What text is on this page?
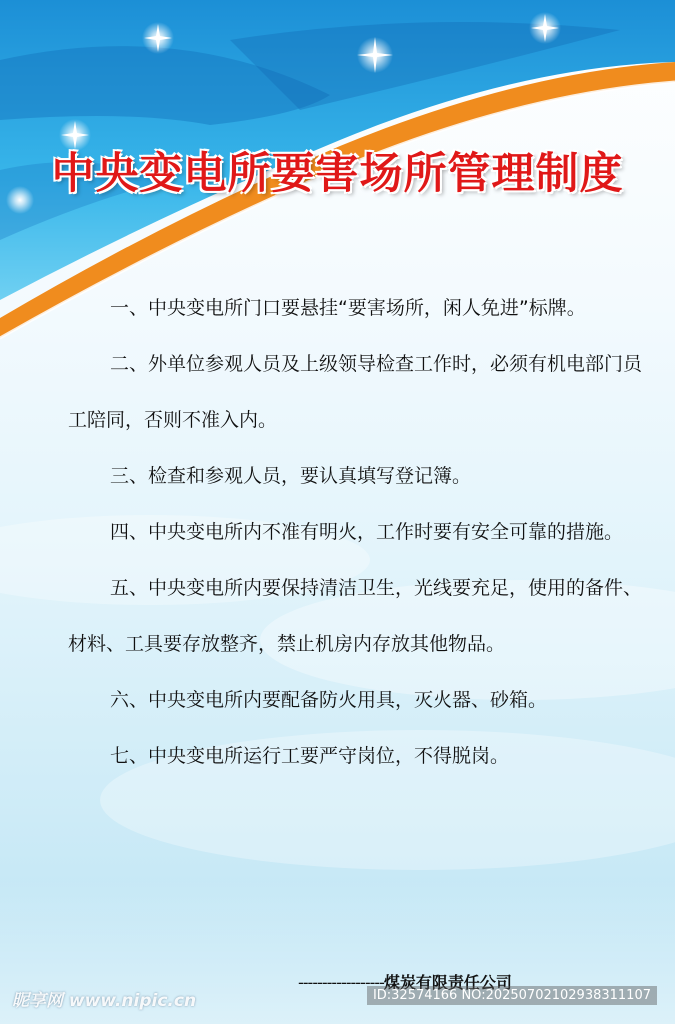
中央变电所要害场所管理制度

一、中央变电所门口要悬挂“要害场所，闲人免进”标牌。

二、外单位参观人员及上级领导检查工作时，必须有机电部门员工陪同，否则不准入内。

三、检查和参观人员，要认真填写登记簿。

四、中央变电所内不准有明火，工作时要有安全可靠的措施。

五、中央变电所内要保持清洁卫生，光线要充足，使用的备件、材料、工具要存放整齐，禁止机房内存放其他物品。

六、中央变电所内要配备防火用具，灭火器、砂箱。

七、中央变电所运行工要严守岗位，不得脱岗。

------------------煤炭有限责任公司
昵享网 www.nipic.cn	ID:32574166 NO:20250702102938311107
